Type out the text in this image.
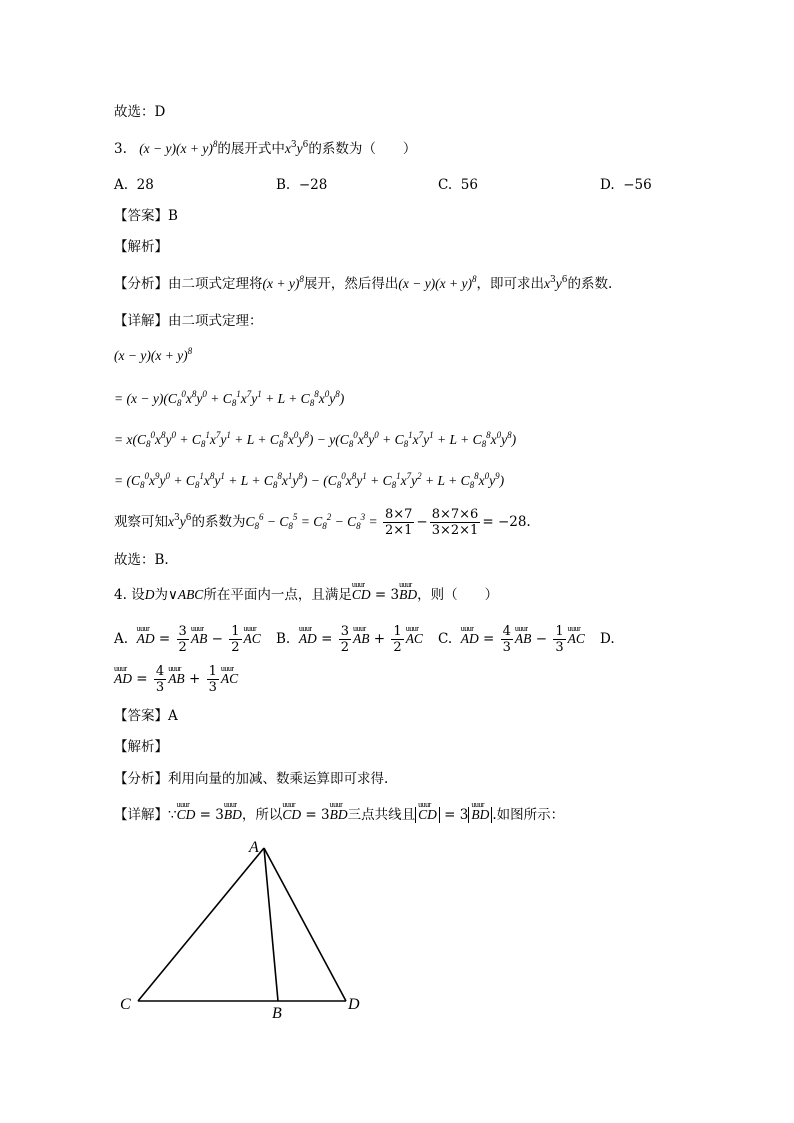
故选：D
3. $(x - y)(x + y)^8$的展开式中$x^3y^6$的系数为（　　）
A. 28	B. −28	C. 56	D. −56
【答案】B
【解析】
【分析】由二项式定理将$(x + y)^8$展开，然后得出$(x - y)(x + y)^8$，即可求出$x^3y^6$的系数.
【详解】由二项式定理：
$(x - y)(x + y)^8$
= $(x - y)(C_8^0x^8y^0 + C_8^1x^7y^1 + L + C_8^8x^0y^8)$
= $x(C_8^0x^8y^0 + C_8^1x^7y^1 + L + C_8^8x^0y^8) - y(C_8^0x^8y^0 + C_8^1x^7y^1 + L + C_8^8x^0y^8)$
= $(C_8^0x^9y^0 + C_8^1x^8y^1 + L + C_8^8x^1y^8) - (C_8^0x^8y^1 + C_8^1x^7y^2 + L + C_8^8x^0y^9)$
观察可知$x^3y^6$的系数为$C_8^6 - C_8^5 = C_8^2 - C_8^3 = \frac{8\times 7}{2\times 1} - \frac{8\times 7\times 6}{3\times 2\times 1} = -28$.
故选：B.
4. 设D为∨ABC所在平面内一点，且满足uuur CD = 3uuur BD，则（　　）
A. uuur AD = $\frac{3}{2}$ uuur AB − $\frac{1}{2}$ uuur AC B. uuur AD = $\frac{3}{2}$ uuur AB + $\frac{1}{2}$ uuur AC C. uuur AD = $\frac{4}{3}$ uuur AB − $\frac{1}{3}$ uuur AC D.
uuur AD = $\frac{4}{3}$ uuur AB + $\frac{1}{3}$ uuur AC
【答案】A
【解析】
【分析】利用向量的加减、数乘运算即可求得.
【详解】∵uuur CD = 3uuur BD，所以uuur CD = 3uuur BD三点共线且 uuur CD = 3 uuur BD .如图所示：
A
C
B
D
